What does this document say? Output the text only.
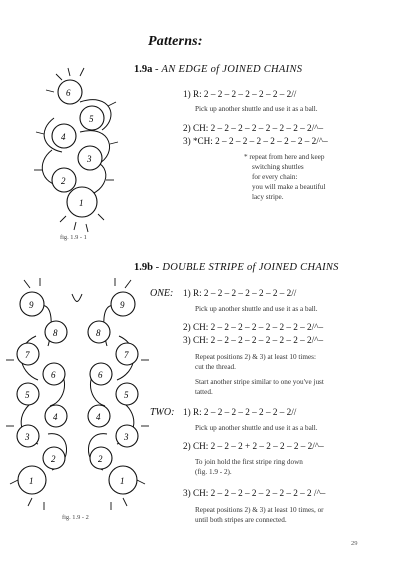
Patterns:
1.9a - AN EDGE of JOINED CHAINS
1) R: 2 – 2 – 2 – 2 – 2 – 2 – 2//
Pick up another shuttle and use it as a ball.
2) CH: 2 – 2 – 2 – 2 – 2 – 2 – 2 – 2/^–
3) *CH: 2 – 2 – 2 – 2 – 2 – 2 – 2 – 2/^–
* repeat from here and keep
switching shuttles
for every chain:
you will make a beautiful
lacy stripe.
6
5
4
3
2
1
fig. 1.9 - 1
1.9b - DOUBLE STRIPE of JOINED CHAINS
ONE: 1) R: 2 – 2 – 2 – 2 – 2 – 2 – 2//
Pick up another shuttle and use it as a ball.
2) CH: 2 – 2 – 2 – 2 – 2 – 2 – 2 – 2/^–
3) CH: 2 – 2 – 2 – 2 – 2 – 2 – 2 – 2/^–
Repeat positions 2) & 3) at least 10 times:
cut the thread.
Start another stripe similar to one you've just
tatted.
TWO: 1) R: 2 – 2 – 2 – 2 – 2 – 2 – 2//
Pick up another shuttle and use it as a ball.
2) CH: 2 – 2 – 2 + 2 – 2 – 2 – 2 – 2/^–
To join hold the first stripe ring down
(fig. 1.9 - 2).
3) CH: 2 – 2 – 2 – 2 – 2 – 2 – 2 – 2 /^–
Repeat positions 2) & 3) at least 10 times, or
until both stripes are connected.
9
8
7
6
5
4
3
2
1
9
8
7
6
5
4
3
2
1
fig. 1.9 - 2
29
